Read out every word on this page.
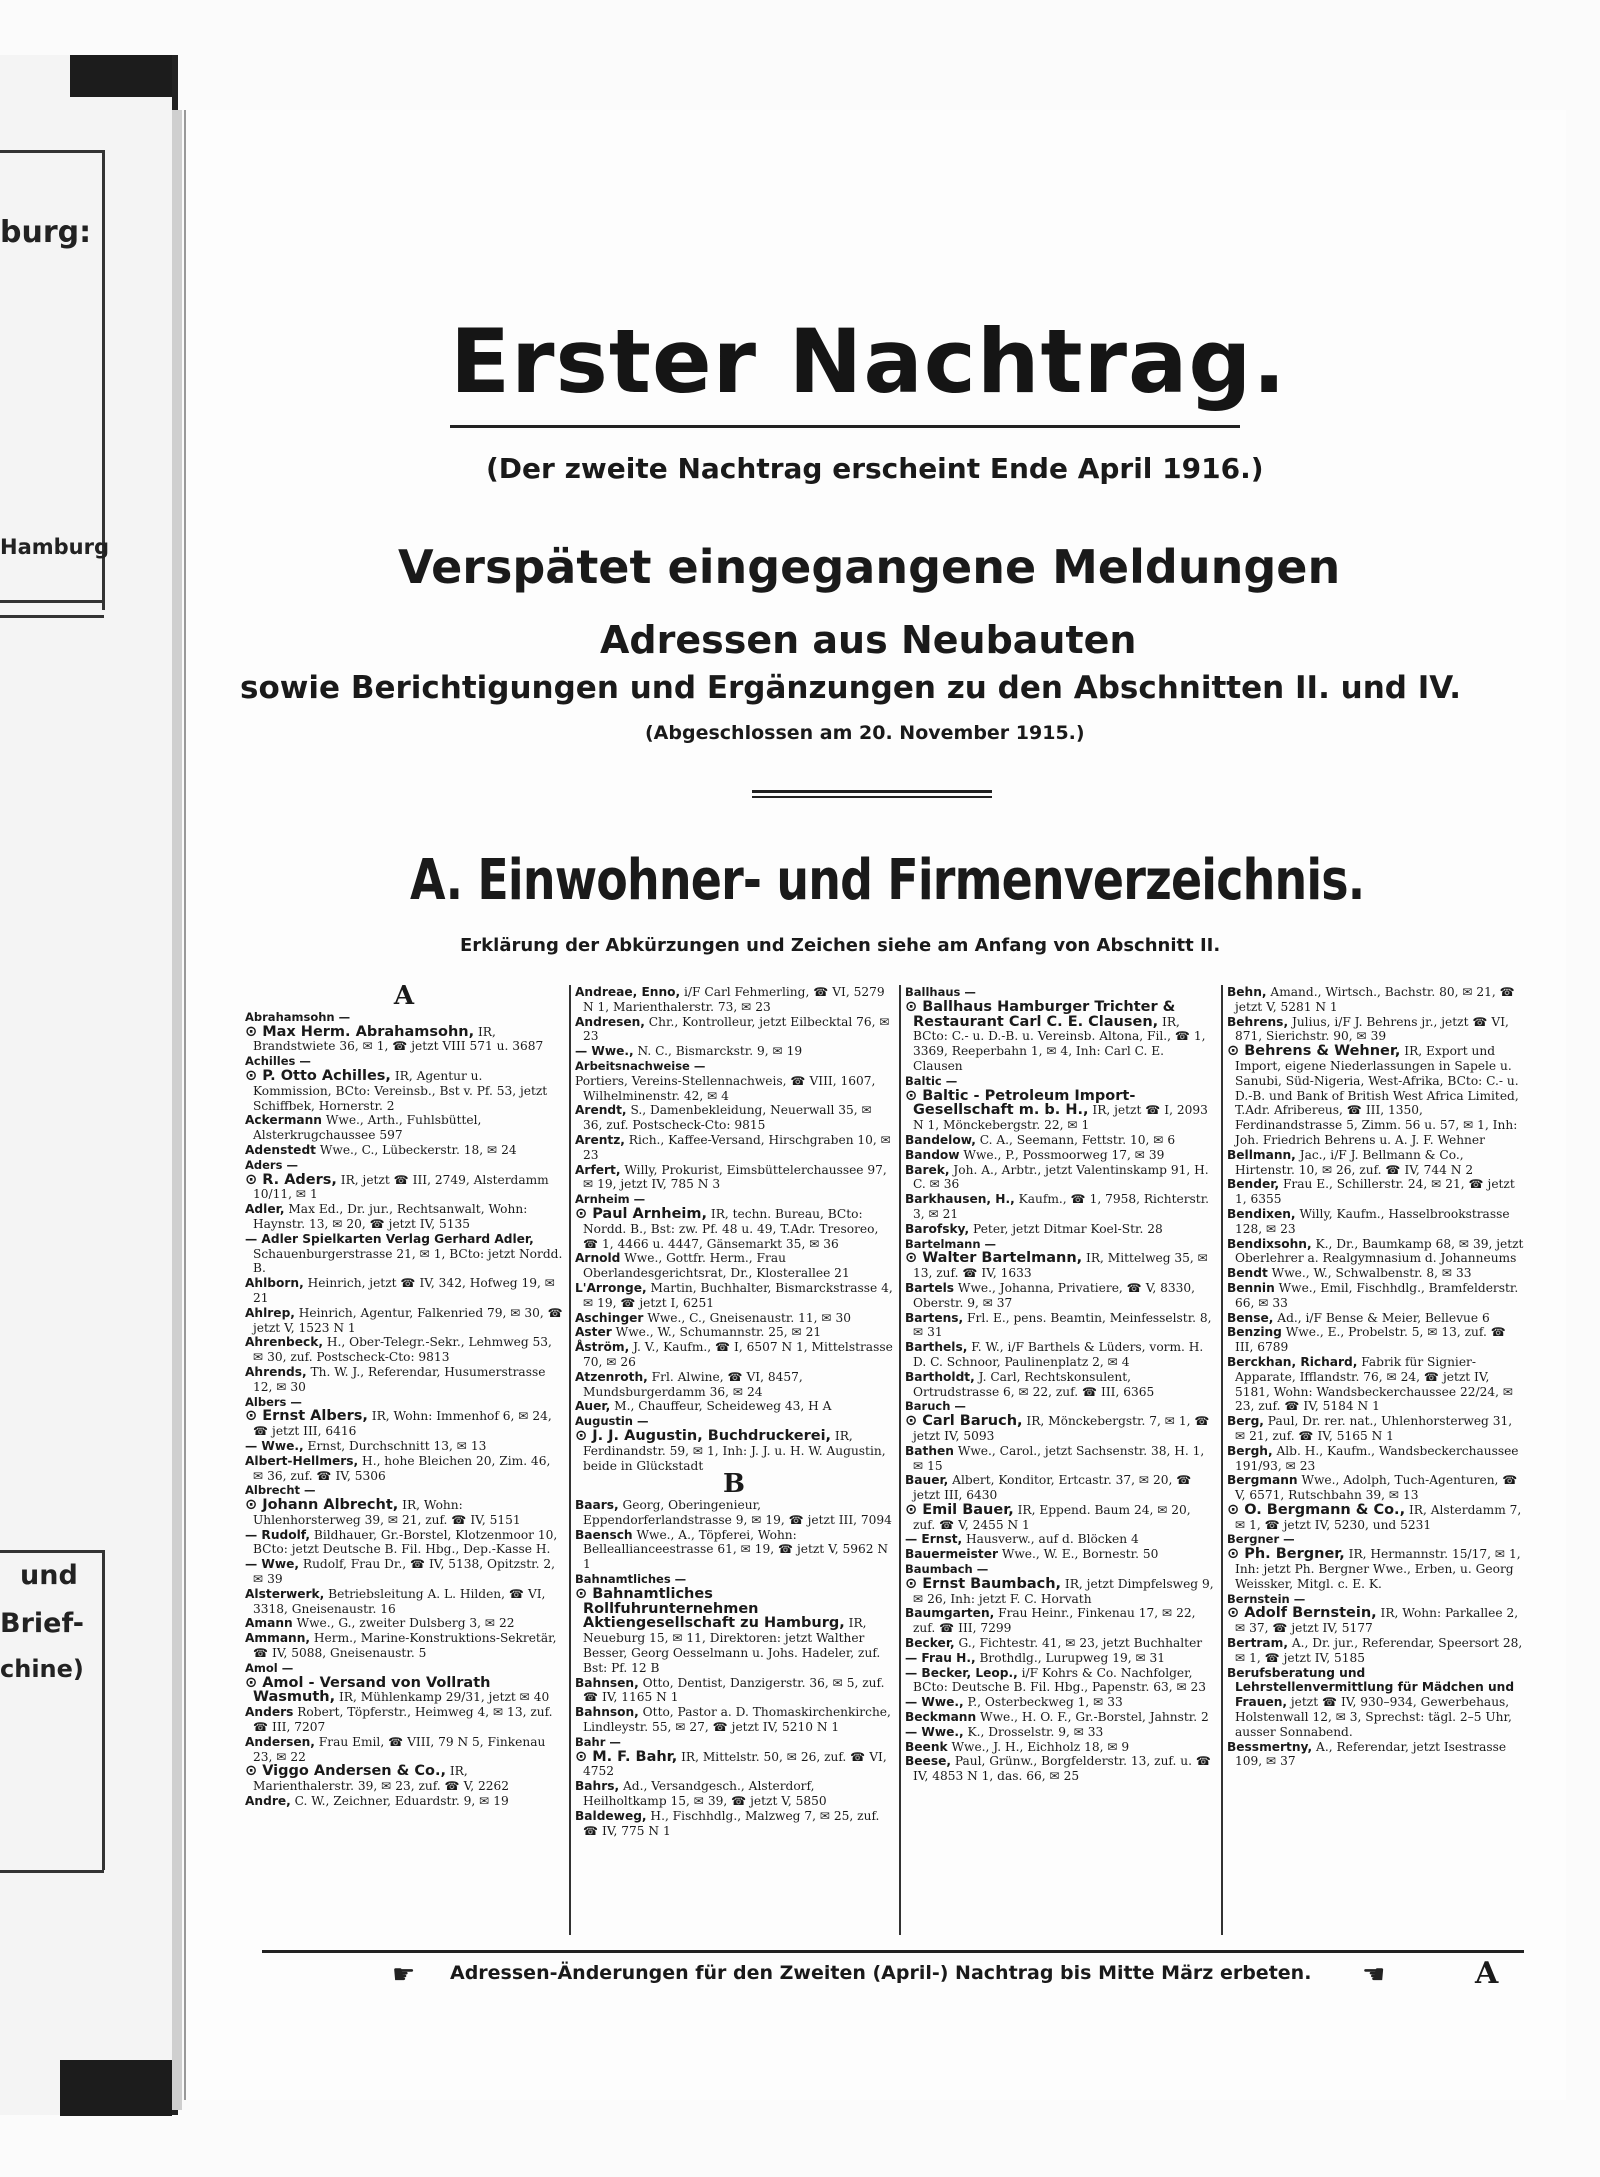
burg:
Hamburg
und
Brief-
chine)
Erster Nachtrag.
(Der zweite Nachtrag erscheint Ende April 1916.)
Verspätet eingegangene Meldungen
Adressen aus Neubauten
sowie Berichtigungen und Ergänzungen zu den Abschnitten II. und IV.
(Abgeschlossen am 20. November 1915.)
A. Einwohner- und Firmenverzeichnis.
Erklärung der Abkürzungen und Zeichen siehe am Anfang von Abschnitt II.
A

Abrahamsohn —

⊙ Max Herm. Abrahamsohn, IR, Brandstwiete 36, ✉ 1, ☎ jetzt VIII 571 u. 3687

Achilles —

⊙ P. Otto Achilles, IR, Agentur u. Kommission, BCto: Vereinsb., Bst v. Pf. 53, jetzt Schiffbek, Hornerstr. 2

Ackermann Wwe., Arth., Fuhlsbüttel, Alsterkrugchaussee 597

Adenstedt Wwe., C., Lübeckerstr. 18, ✉ 24

Aders —

⊙ R. Aders, IR, jetzt ☎ III, 2749, Alsterdamm 10/11, ✉ 1

Adler, Max Ed., Dr. jur., Rechtsanwalt, Wohn: Haynstr. 13, ✉ 20, ☎ jetzt IV, 5135

— Adler Spielkarten Verlag Gerhard Adler, Schauenburgerstrasse 21, ✉ 1, BCto: jetzt Nordd. B.

Ahlborn, Heinrich, jetzt ☎ IV, 342, Hofweg 19, ✉ 21

Ahlrep, Heinrich, Agentur, Falkenried 79, ✉ 30, ☎ jetzt V, 1523 N 1

Ahrenbeck, H., Ober-Telegr.-Sekr., Lehmweg 53, ✉ 30, zuf. Postscheck-Cto: 9813

Ahrends, Th. W. J., Referendar, Husumerstrasse 12, ✉ 30

Albers —

⊙ Ernst Albers, IR, Wohn: Immenhof 6, ✉ 24, ☎ jetzt III, 6416

— Wwe., Ernst, Durchschnitt 13, ✉ 13

Albert-Hellmers, H., hohe Bleichen 20, Zim. 46, ✉ 36, zuf. ☎ IV, 5306

Albrecht —

⊙ Johann Albrecht, IR, Wohn: Uhlenhorsterweg 39, ✉ 21, zuf. ☎ IV, 5151

— Rudolf, Bildhauer, Gr.-Borstel, Klotzenmoor 10, BCto: jetzt Deutsche B. Fil. Hbg., Dep.-Kasse H.

— Wwe, Rudolf, Frau Dr., ☎ IV, 5138, Opitzstr. 2, ✉ 39

Alsterwerk, Betriebsleitung A. L. Hilden, ☎ VI, 3318, Gneisenaustr. 16

Amann Wwe., G., zweiter Dulsberg 3, ✉ 22

Ammann, Herm., Marine-Konstruktions-Sekretär, ☎ IV, 5088, Gneisenaustr. 5

Amol —

⊙ Amol - Versand von Vollrath Wasmuth, IR, Mühlenkamp 29/31, jetzt ✉ 40

Anders Robert, Töpferstr., Heimweg 4, ✉ 13, zuf. ☎ III, 7207

Andersen, Frau Emil, ☎ VIII, 79 N 5, Finkenau 23, ✉ 22

⊙ Viggo Andersen & Co., IR, Marienthalerstr. 39, ✉ 23, zuf. ☎ V, 2262

Andre, C. W., Zeichner, Eduardstr. 9, ✉ 19

Andreae, Enno, i/F Carl Fehmerling, ☎ VI, 5279 N 1, Marienthalerstr. 73, ✉ 23

Andresen, Chr., Kontrolleur, jetzt Eilbecktal 76, ✉ 23

— Wwe., N. C., Bismarckstr. 9, ✉ 19

Arbeitsnachweise —

Portiers, Vereins-Stellennachweis, ☎ VIII, 1607, Wilhelminenstr. 42, ✉ 4

Arendt, S., Damenbekleidung, Neuerwall 35, ✉ 36, zuf. Postscheck-Cto: 9815

Arentz, Rich., Kaffee-Versand, Hirschgraben 10, ✉ 23

Arfert, Willy, Prokurist, Eimsbüttelerchaussee 97, ✉ 19, jetzt IV, 785 N 3

Arnheim —

⊙ Paul Arnheim, IR, techn. Bureau, BCto: Nordd. B., Bst: zw. Pf. 48 u. 49, T.Adr. Tresoreo, ☎ 1, 4466 u. 4447, Gänsemarkt 35, ✉ 36

Arnold Wwe., Gottfr. Herm., Frau Oberlandesgerichtsrat, Dr., Klosterallee 21

L'Arronge, Martin, Buchhalter, Bismarckstrasse 4, ✉ 19, ☎ jetzt I, 6251

Aschinger Wwe., C., Gneisenaustr. 11, ✉ 30

Aster Wwe., W., Schumannstr. 25, ✉ 21

Åström, J. V., Kaufm., ☎ I, 6507 N 1, Mittelstrasse 70, ✉ 26

Atzenroth, Frl. Alwine, ☎ VI, 8457, Mundsburgerdamm 36, ✉ 24

Auer, M., Chauffeur, Scheideweg 43, H A

Augustin —

⊙ J. J. Augustin, Buchdruckerei, IR, Ferdinandstr. 59, ✉ 1, Inh: J. J. u. H. W. Augustin, beide in Glückstadt

B

Baars, Georg, Oberingenieur, Eppendorferlandstrasse 9, ✉ 19, ☎ jetzt III, 7094

Baensch Wwe., A., Töpferei, Wohn: Belleallianceestrasse 61, ✉ 19, ☎ jetzt V, 5962 N 1

Bahnamtliches —

⊙ Bahnamtliches Rollfuhrunternehmen Aktiengesellschaft zu Hamburg, IR, Neueburg 15, ✉ 11, Direktoren: jetzt Walther Besser, Georg Oesselmann u. Johs. Hadeler, zuf. Bst: Pf. 12 B

Bahnsen, Otto, Dentist, Danzigerstr. 36, ✉ 5, zuf. ☎ IV, 1165 N 1

Bahnson, Otto, Pastor a. D. Thomaskirchenkirche, Lindleystr. 55, ✉ 27, ☎ jetzt IV, 5210 N 1

Bahr —

⊙ M. F. Bahr, IR, Mittelstr. 50, ✉ 26, zuf. ☎ VI, 4752

Bahrs, Ad., Versandgesch., Alsterdorf, Heilholtkamp 15, ✉ 39, ☎ jetzt V, 5850

Baldeweg, H., Fischhdlg., Malzweg 7, ✉ 25, zuf. ☎ IV, 775 N 1

Ballhaus —

⊙ Ballhaus Hamburger Trichter & Restaurant Carl C. E. Clausen, IR, BCto: C.- u. D.-B. u. Vereinsb. Altona, Fil., ☎ 1, 3369, Reeperbahn 1, ✉ 4, Inh: Carl C. E. Clausen

Baltic —

⊙ Baltic - Petroleum Import-Gesellschaft m. b. H., IR, jetzt ☎ I, 2093 N 1, Mönckebergstr. 22, ✉ 1

Bandelow, C. A., Seemann, Fettstr. 10, ✉ 6

Bandow Wwe., P., Possmoorweg 17, ✉ 39

Barek, Joh. A., Arbtr., jetzt Valentinskamp 91, H. C. ✉ 36

Barkhausen, H., Kaufm., ☎ 1, 7958, Richterstr. 3, ✉ 21

Barofsky, Peter, jetzt Ditmar Koel-Str. 28

Bartelmann —

⊙ Walter Bartelmann, IR, Mittelweg 35, ✉ 13, zuf. ☎ IV, 1633

Bartels Wwe., Johanna, Privatiere, ☎ V, 8330, Oberstr. 9, ✉ 37

Bartens, Frl. E., pens. Beamtin, Meinfesselstr. 8, ✉ 31

Barthels, F. W., i/F Barthels & Lüders, vorm. H. D. C. Schnoor, Paulinenplatz 2, ✉ 4

Bartholdt, J. Carl, Rechtskonsulent, Ortrudstrasse 6, ✉ 22, zuf. ☎ III, 6365

Baruch —

⊙ Carl Baruch, IR, Mönckebergstr. 7, ✉ 1, ☎ jetzt IV, 5093

Bathen Wwe., Carol., jetzt Sachsenstr. 38, H. 1, ✉ 15

Bauer, Albert, Konditor, Ertcastr. 37, ✉ 20, ☎ jetzt III, 6430

⊙ Emil Bauer, IR, Eppend. Baum 24, ✉ 20, zuf. ☎ V, 2455 N 1

— Ernst, Hausverw., auf d. Blöcken 4

Bauermeister Wwe., W. E., Bornestr. 50

Baumbach —

⊙ Ernst Baumbach, IR, jetzt Dimpfelsweg 9, ✉ 26, Inh: jetzt F. C. Horvath

Baumgarten, Frau Heinr., Finkenau 17, ✉ 22, zuf. ☎ III, 7299

Becker, G., Fichtestr. 41, ✉ 23, jetzt Buchhalter

— Frau H., Brothdlg., Lurupweg 19, ✉ 31

— Becker, Leop., i/F Kohrs & Co. Nachfolger, BCto: Deutsche B. Fil. Hbg., Papenstr. 63, ✉ 23

— Wwe., P., Osterbeckweg 1, ✉ 33

Beckmann Wwe., H. O. F., Gr.-Borstel, Jahnstr. 2

— Wwe., K., Drosselstr. 9, ✉ 33

Beenk Wwe., J. H., Eichholz 18, ✉ 9

Beese, Paul, Grünw., Borgfelderstr. 13, zuf. u. ☎ IV, 4853 N 1, das. 66, ✉ 25

Behn, Amand., Wirtsch., Bachstr. 80, ✉ 21, ☎ jetzt V, 5281 N 1

Behrens, Julius, i/F J. Behrens jr., jetzt ☎ VI, 871, Sierichstr. 90, ✉ 39

⊙ Behrens & Wehner, IR, Export und Import, eigene Niederlassungen in Sapele u. Sanubi, Süd-Nigeria, West-Afrika, BCto: C.- u. D.-B. und Bank of British West Africa Limited, T.Adr. Afribereus, ☎ III, 1350, Ferdinandstrasse 5, Zimm. 56 u. 57, ✉ 1, Inh: Joh. Friedrich Behrens u. A. J. F. Wehner

Bellmann, Jac., i/F J. Bellmann & Co., Hirtenstr. 10, ✉ 26, zuf. ☎ IV, 744 N 2

Bender, Frau E., Schillerstr. 24, ✉ 21, ☎ jetzt 1, 6355

Bendixen, Willy, Kaufm., Hasselbrookstrasse 128, ✉ 23

Bendixsohn, K., Dr., Baumkamp 68, ✉ 39, jetzt Oberlehrer a. Realgymnasium d. Johanneums

Bendt Wwe., W., Schwalbenstr. 8, ✉ 33

Bennin Wwe., Emil, Fischhdlg., Bramfelderstr. 66, ✉ 33

Bense, Ad., i/F Bense & Meier, Bellevue 6

Benzing Wwe., E., Probelstr. 5, ✉ 13, zuf. ☎ III, 6789

Berckhan, Richard, Fabrik für Signier-Apparate, Ifflandstr. 76, ✉ 24, ☎ jetzt IV, 5181, Wohn: Wandsbeckerchaussee 22/24, ✉ 23, zuf. ☎ IV, 5184 N 1

Berg, Paul, Dr. rer. nat., Uhlenhorsterweg 31, ✉ 21, zuf. ☎ IV, 5165 N 1

Bergh, Alb. H., Kaufm., Wandsbeckerchaussee 191/93, ✉ 23

Bergmann Wwe., Adolph, Tuch-Agenturen, ☎ V, 6571, Rutschbahn 39, ✉ 13

⊙ O. Bergmann & Co., IR, Alsterdamm 7, ✉ 1, ☎ jetzt IV, 5230, und 5231

Bergner —

⊙ Ph. Bergner, IR, Hermannstr. 15/17, ✉ 1, Inh: jetzt Ph. Bergner Wwe., Erben, u. Georg Weissker, Mitgl. c. E. K.

Bernstein —

⊙ Adolf Bernstein, IR, Wohn: Parkallee 2, ✉ 37, ☎ jetzt IV, 5177

Bertram, A., Dr. jur., Referendar, Speersort 28, ✉ 1, ☎ jetzt IV, 5185

Berufsberatung und Lehrstellenvermittlung für Mädchen und Frauen, jetzt ☎ IV, 930–934, Gewerbehaus, Holstenwall 12, ✉ 3, Sprechst: tägl. 2–5 Uhr, ausser Sonnabend.

Bessmertny, A., Referendar, jetzt Isestrasse 109, ✉ 37

☛ Adressen-Änderungen für den Zweiten (April-) Nachtrag bis Mitte März erbeten. ☚	A
